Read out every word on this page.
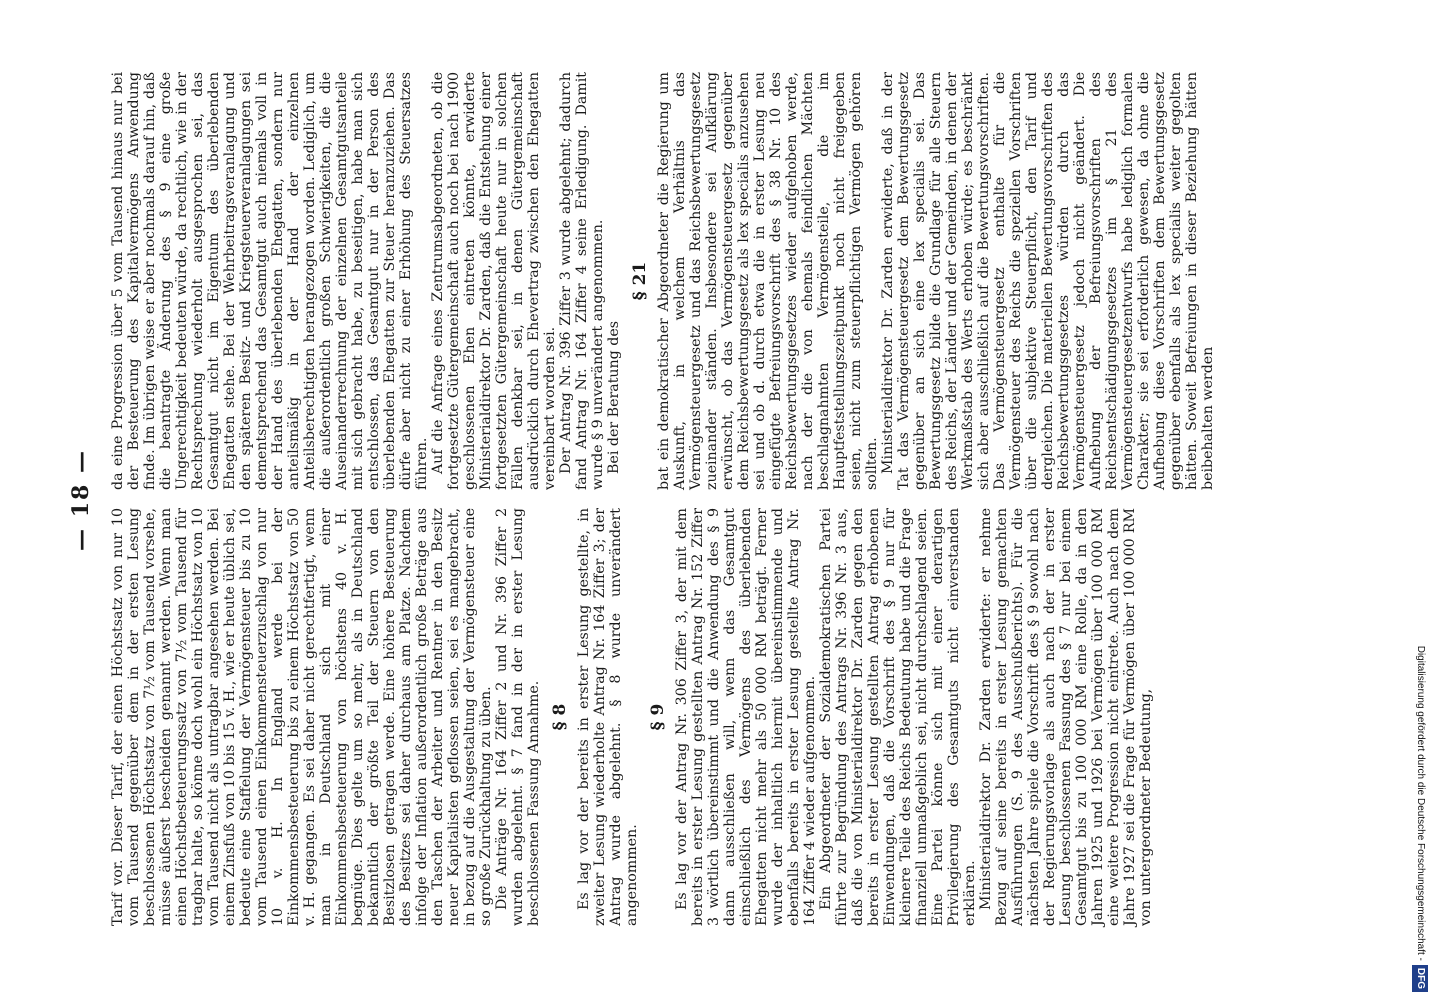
— 18 —

Tarif vor. Dieser Tarif, der einen Höchstsatz von nur 10 vom Tausend gegenüber dem in der ersten Lesung beschlossenen Höchstsatz von 7½ vom Tausend vorsehe, müsse äußerst bescheiden genannt werden. Wenn man einen Höchstbesteuerungssatz von 7½ vom Tausend für tragbar halte, so könne doch wohl ein Höchstsatz von 10 vom Tausend nicht als untragbar angesehen werden. Bei einem Zinsfuß von 10 bis 15 v. H., wie er heute üblich sei, bedeute eine Staffelung der Vermögensteuer bis zu 10 vom Tausend einen Einkommensteuerzuschlag von nur 10 v. H. In England werde bei der Einkommensbesteuerung bis zu einem Höchstsatz von 50 v. H. gegangen. Es sei daher nicht gerechtfertigt, wenn man in Deutschland sich mit einer Einkommensbesteuerung von höchstens 40 v. H. begnüge. Dies gelte um so mehr, als in Deutschland bekanntlich der größte Teil der Steuern von den Besitzlosen getragen werde. Eine höhere Besteuerung des Besitzes sei daher durchaus am Platze. Nachdem infolge der Inflation außerordentlich große Beträge aus den Taschen der Arbeiter und Rentner in den Besitz neuer Kapitalisten geflossen seien, sei es mangebracht, in bezug auf die Ausgestaltung der Vermögensteuer eine so große Zurückhaltung zu üben. Die Anträge Nr. 164 Ziffer 2 und Nr. 396 Ziffer 2 wurden abgelehnt. § 7 fand in der in erster Lesung beschlossenen Fassung Annahme. § 8 Es lag vor der bereits in erster Lesung gestellte, in zweiter Lesung wiederholte Antrag Nr. 164 Ziffer 3; der Antrag wurde abgelehnt. § 8 wurde unverändert angenommen.

§ 9 Es lag vor der Antrag Nr. 306 Ziffer 3, der mit dem bereits in erster Lesung gestellten Antrag Nr. 152 Ziffer 3 wörtlich übereinstimmt und die Anwendung des § 9 dann ausschließen will, wenn das Gesamtgut einschließlich des Vermögens des überlebenden Ehegatten nicht mehr als 50 000 RM beträgt. Ferner wurde der inhaltlich hiermit übereinstimmende und ebenfalls bereits in erster Lesung gestellte Antrag Nr. 164 Ziffer 4 wieder aufgenommen. Ein Abgeordneter der Sozialdemokratischen Partei führte zur Begründung des Antrags Nr. 396 Nr. 3 aus, daß die von Ministerialdirektor Dr. Zarden gegen den bereits in erster Lesung gestellten Antrag erhobenen Einwendungen, daß die Vorschrift des § 9 nur für kleinere Teile des Reichs Bedeutung habe und die Frage finanziell unmaßgeblich sei, nicht durchschlagend seien. Eine Partei könne sich mit einer derartigen Privilegierung des Gesamtguts nicht einverstanden erklären. Ministerialdirektor Dr. Zarden erwiderte: er nehme Bezug auf seine bereits in erster Lesung gemachten Ausführungen (S. 9 des Ausschußberichts). Für die nächsten Jahre spiele die Vorschrift des § 9 sowohl nach der Regierungsvorlage als auch nach der in erster Lesung beschlossenen Fassung des § 7 nur bei einem Gesamtgut bis zu 100 000 RM eine Rolle, da in den Jahren 1925 und 1926 bei Vermögen über 100 000 RM eine weitere Progression nicht eintrete. Auch nach dem Jahre 1927 sei die Frage für Vermögen über 100 000 RM von untergeordneter Bedeutung,

da eine Progression über 5 vom Tausend hinaus nur bei der Besteuerung des Kapitalvermögens Anwendung finde. Im übrigen weise er aber nochmals darauf hin, daß die beantragte Änderung des § 9 eine große Ungerechtigkeit bedeuten würde, da rechtlich, wie in der Rechtsprechung wiederholt ausgesprochen sei, das Gesamtgut nicht im Eigentum des überlebenden Ehegatten stehe. Bei der Wehrbeitragsveranlagung und den späteren Besitz- und Kriegsteuerveranlagungen sei dementsprechend das Gesamtgut auch niemals voll in der Hand des überlebenden Ehegatten, sondern nur anteilsmäßig in der Hand der einzelnen Anteilsberechtigten herangezogen worden. Lediglich, um die außerordentlich großen Schwierigkeiten, die die Auseinanderrechnung der einzelnen Gesamtgutsanteile mit sich gebracht habe, zu beseitigen, habe man sich entschlossen, das Gesamtgut nur in der Person des überlebenden Ehegatten zur Steuer heranzuziehen. Das dürfe aber nicht zu einer Erhöhung des Steuersatzes führen. Auf die Anfrage eines Zentrumsabgeordneten, ob die fortgesetzte Gütergemeinschaft auch noch bei nach 1900 geschlossenen Ehen eintreten könnte, erwiderte Ministerialdirektor Dr. Zarden, daß die Entstehung einer fortgesetzten Gütergemeinschaft heute nur in solchen Fällen denkbar sei, in denen Gütergemeinschaft ausdrücklich durch Ehevertrag zwischen den Ehegatten vereinbart worden sei. Der Antrag Nr. 396 Ziffer 3 wurde abgelehnt; dadurch fand Antrag Nr. 164 Ziffer 4 seine Erledigung. Damit wurde § 9 unverändert angenommen. Bei der Beratung des

§ 21 bat ein demokratischer Abgeordneter die Regierung um Auskunft, in welchem Verhältnis das Vermögensteuergesetz und das Reichsbewertungsgesetz zueinander ständen. Insbesondere sei Aufklärung erwünscht, ob das Vermögensteuergesetz gegenüber dem Reichsbewertungsgesetz als lex specialis anzusehen sei und ob d. durch etwa die in erster Lesung neu eingefügte Befreiungsvorschrift des § 38 Nr. 10 des Reichsbewertungsgesetzes wieder aufgehoben werde, nach der die von ehemals feindlichen Mächten beschlagnahmten Vermögensteile, die im Hauptfeststellungszeitpunkt noch nicht freigegeben seien, nicht zum steuerpflichtigen Vermögen gehören sollten. Ministerialdirektor Dr. Zarden erwiderte, daß in der Tat das Vermögensteuergesetz dem Bewertungsgesetz gegenüber an sich eine lex specialis sei. Das Bewertungsgesetz bilde die Grundlage für alle Steuern des Reichs, der Länder und der Gemeinden, in denen der Werkmaßstab des Werts erhoben würde; es beschränkt sich aber ausschließlich auf die Bewertungsvorschriften. Das Vermögensteuergesetz enthalte für die Vermögensteuer des Reichs die speziellen Vorschriften über die subjektive Steuerpflicht, den Tarif und dergleichen. Die materiellen Bewertungsvorschriften des Reichsbewertungsgesetzes würden durch das Vermögensteuergesetz jedoch nicht geändert. Die Aufhebung der Befreiungsvorschriften des Reichsentschädigungsgesetzes im § 21 des Vermögensteuergesetzentwurfs habe lediglich formalen Charakter; sie sei erforderlich gewesen, da ohne die Aufhebung diese Vorschriften dem Bewertungsgesetz gegenüber ebenfalls als lex specialis weiter gegolten hätten. Soweit Befreiungen in dieser Beziehung hätten beibehalten werden

Digitalisierung gefördert durch die Deutsche Forschungsgemeinschaft -DFG
